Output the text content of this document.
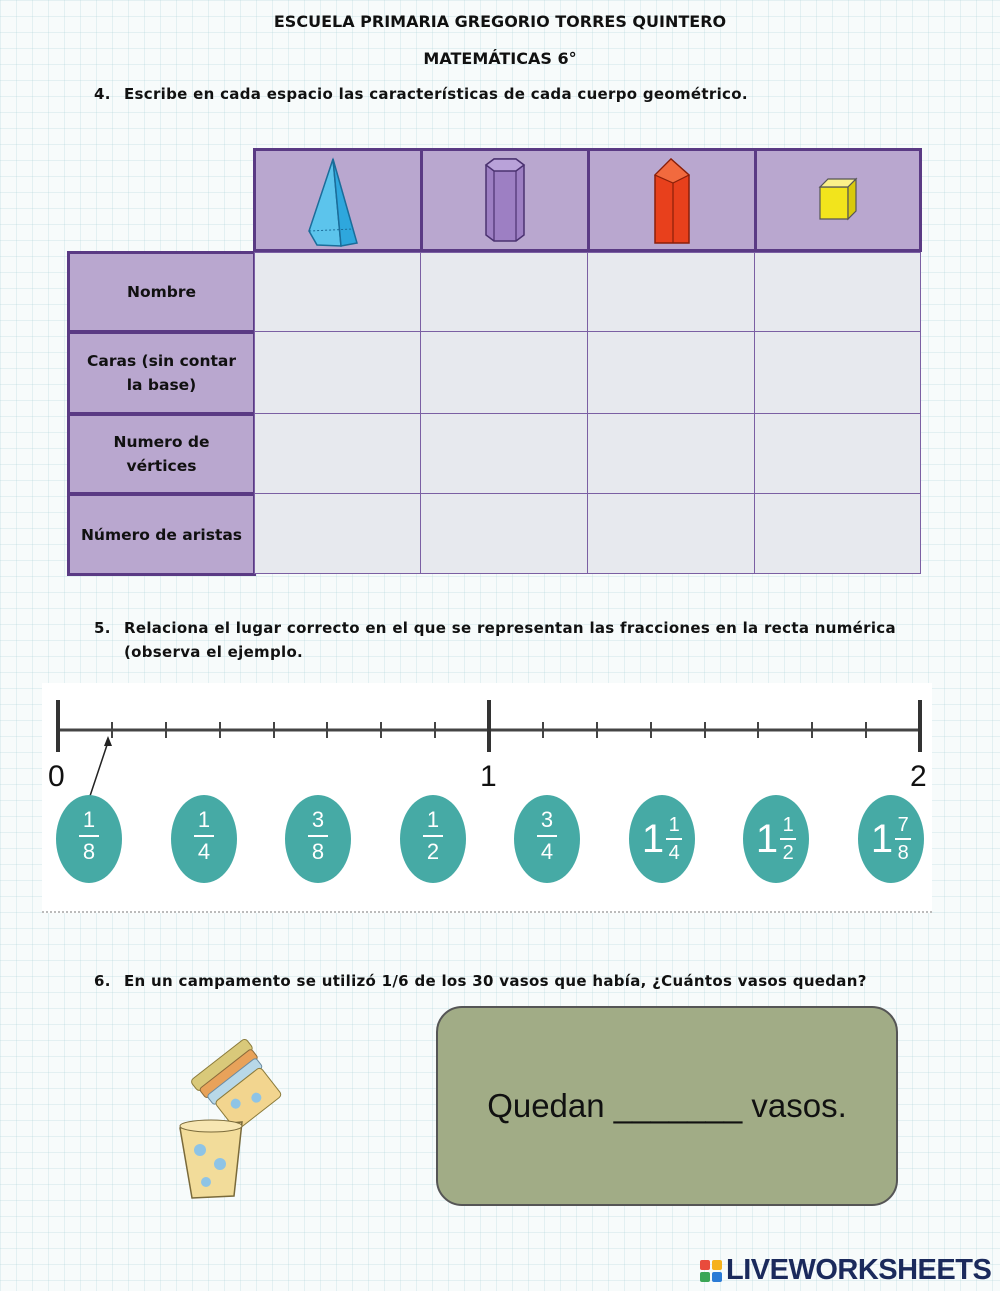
ESCUELA PRIMARIA GREGORIO TORRES QUINTERO
MATEMÁTICAS 6°
4. Escribe en cada espacio las características de cada cuerpo geométrico.
Nombre
Caras (sin contar la base)
Numero de vértices
Número de aristas
5. Relaciona el lugar correcto en el que se representan las fracciones en la recta numérica
(observa el ejemplo.
0	1	2
1
8
1
4
3
8
1
2
3
4 1 1
4 1 1
2 1 7
8
6. En un campamento se utilizó 1/6 de los 30 vasos que había, ¿Cuántos vasos quedan?
Quedan _______ vasos.
LIVEWORKSHEETS
